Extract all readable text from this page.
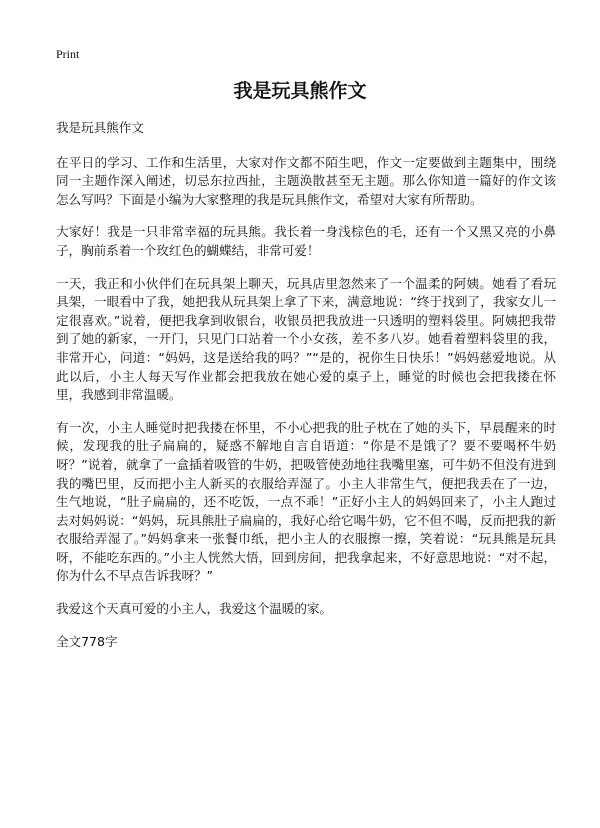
Print
我是玩具熊作文

我是玩具熊作文

在平日的学习、工作和生活里，大家对作文都不陌生吧，作文一定要做到主题集中，围绕同一主题作深入阐述，切忌东拉西扯，主题涣散甚至无主题。那么你知道一篇好的作文该怎么写吗？下面是小编为大家整理的我是玩具熊作文，希望对大家有所帮助。

大家好！我是一只非常幸福的玩具熊。我长着一身浅棕色的毛，还有一个又黑又亮的小鼻子，胸前系着一个玫红色的蝴蝶结，非常可爱！

一天，我正和小伙伴们在玩具架上聊天，玩具店里忽然来了一个温柔的阿姨。她看了看玩具架，一眼看中了我，她把我从玩具架上拿了下来，满意地说：“终于找到了，我家女儿一定很喜欢。”说着，便把我拿到收银台，收银员把我放进一只透明的塑料袋里。阿姨把我带到了她的新家，一开门，只见门口站着一个小女孩，差不多八岁。她看着塑料袋里的我，非常开心，问道：“妈妈，这是送给我的吗？”“是的，祝你生日快乐！”妈妈慈爱地说。从此以后，小主人每天写作业都会把我放在她心爱的桌子上，睡觉的时候也会把我搂在怀里，我感到非常温暖。

有一次，小主人睡觉时把我搂在怀里，不小心把我的肚子枕在了她的头下，早晨醒来的时候，发现我的肚子扁扁的，疑惑不解地自言自语道：“你是不是饿了？要不要喝杯牛奶呀？”说着，就拿了一盒插着吸管的牛奶，把吸管使劲地往我嘴里塞，可牛奶不但没有进到我的嘴巴里，反而把小主人新买的衣服给弄湿了。小主人非常生气，便把我丢在了一边，生气地说，“肚子扁扁的，还不吃饭，一点不乖！”正好小主人的妈妈回来了，小主人跑过去对妈妈说：“妈妈，玩具熊肚子扁扁的，我好心给它喝牛奶，它不但不喝，反而把我的新衣服给弄湿了。”妈妈拿来一张餐巾纸，把小主人的衣服擦一擦，笑着说：“玩具熊是玩具呀，不能吃东西的。”小主人恍然大悟，回到房间，把我拿起来，不好意思地说：“对不起，你为什么不早点告诉我呀？”

我爱这个天真可爱的小主人，我爱这个温暖的家。

全文778字
